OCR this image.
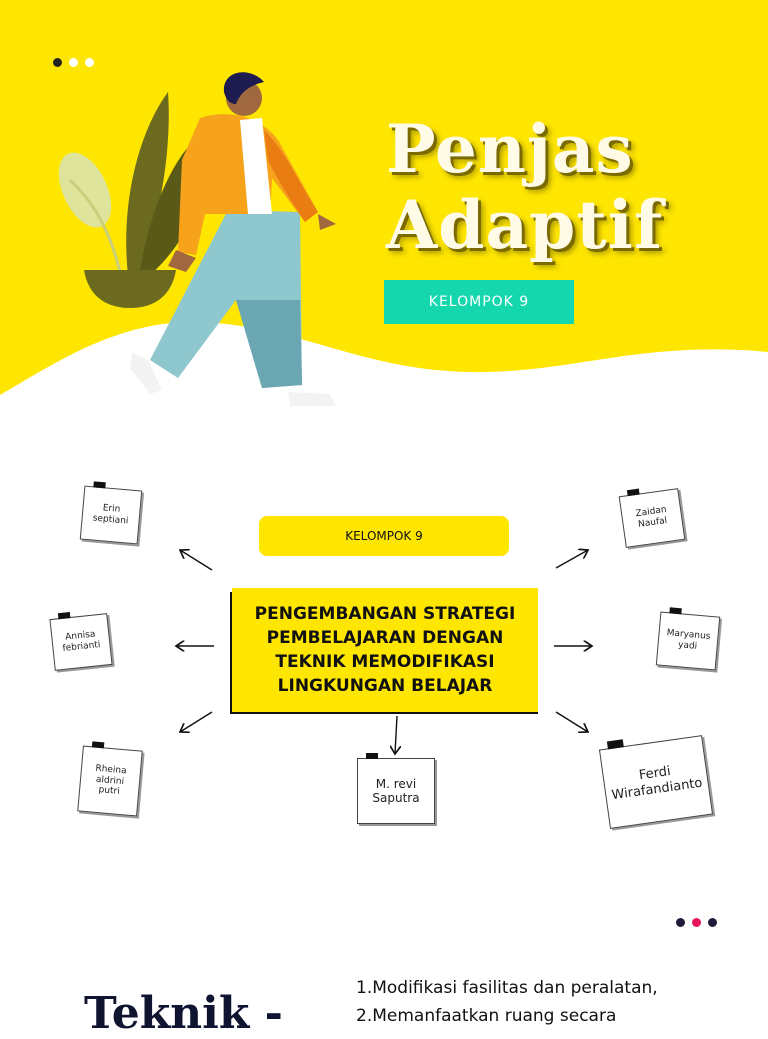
Penjas
Adaptif
KELOMPOK 9
KELOMPOK 9
PENGEMBANGAN STRATEGI PEMBELAJARAN DENGAN TEKNIK MEMODIFIKASI LINGKUNGAN BELAJAR
Erin septiani
Annisa febrianti
Rheina aldrini putri
M. revi Saputra
Zaidan Naufal
Maryanus yadi
Ferdi Wirafandianto
Teknik -	1.Modifikasi fasilitas dan peralatan,
2.Memanfaatkan ruang secara
